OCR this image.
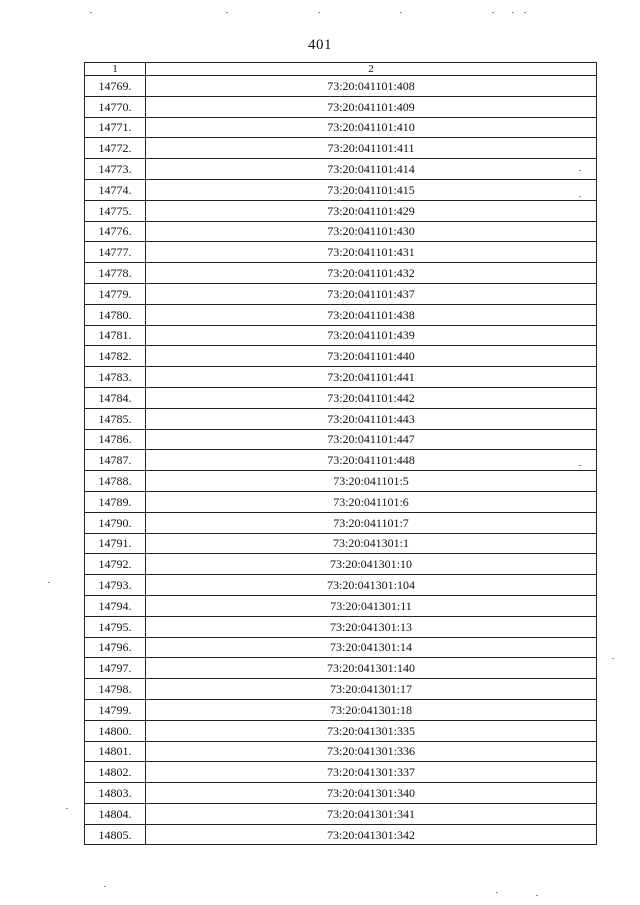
401
1	2
14769.	73:20:041101:408
14770.	73:20:041101:409
14771.	73:20:041101:410
14772.	73:20:041101:411
14773.	73:20:041101:414
14774.	73:20:041101:415
14775.	73:20:041101:429
14776.	73:20:041101:430
14777.	73:20:041101:431
14778.	73:20:041101:432
14779.	73:20:041101:437
14780.	73:20:041101:438
14781.	73:20:041101:439
14782.	73:20:041101:440
14783.	73:20:041101:441
14784.	73:20:041101:442
14785.	73:20:041101:443
14786.	73:20:041101:447
14787.	73:20:041101:448
14788.	73:20:041101:5
14789.	73:20:041101:6
14790.	73:20:041101:7
14791.	73:20:041301:1
14792.	73:20:041301:10
14793.	73:20:041301:104
14794.	73:20:041301:11
14795.	73:20:041301:13
14796.	73:20:041301:14
14797.	73:20:041301:140
14798.	73:20:041301:17
14799.	73:20:041301:18
14800.	73:20:041301:335
14801.	73:20:041301:336
14802.	73:20:041301:337
14803.	73:20:041301:340
14804.	73:20:041301:341
14805.	73:20:041301:342
